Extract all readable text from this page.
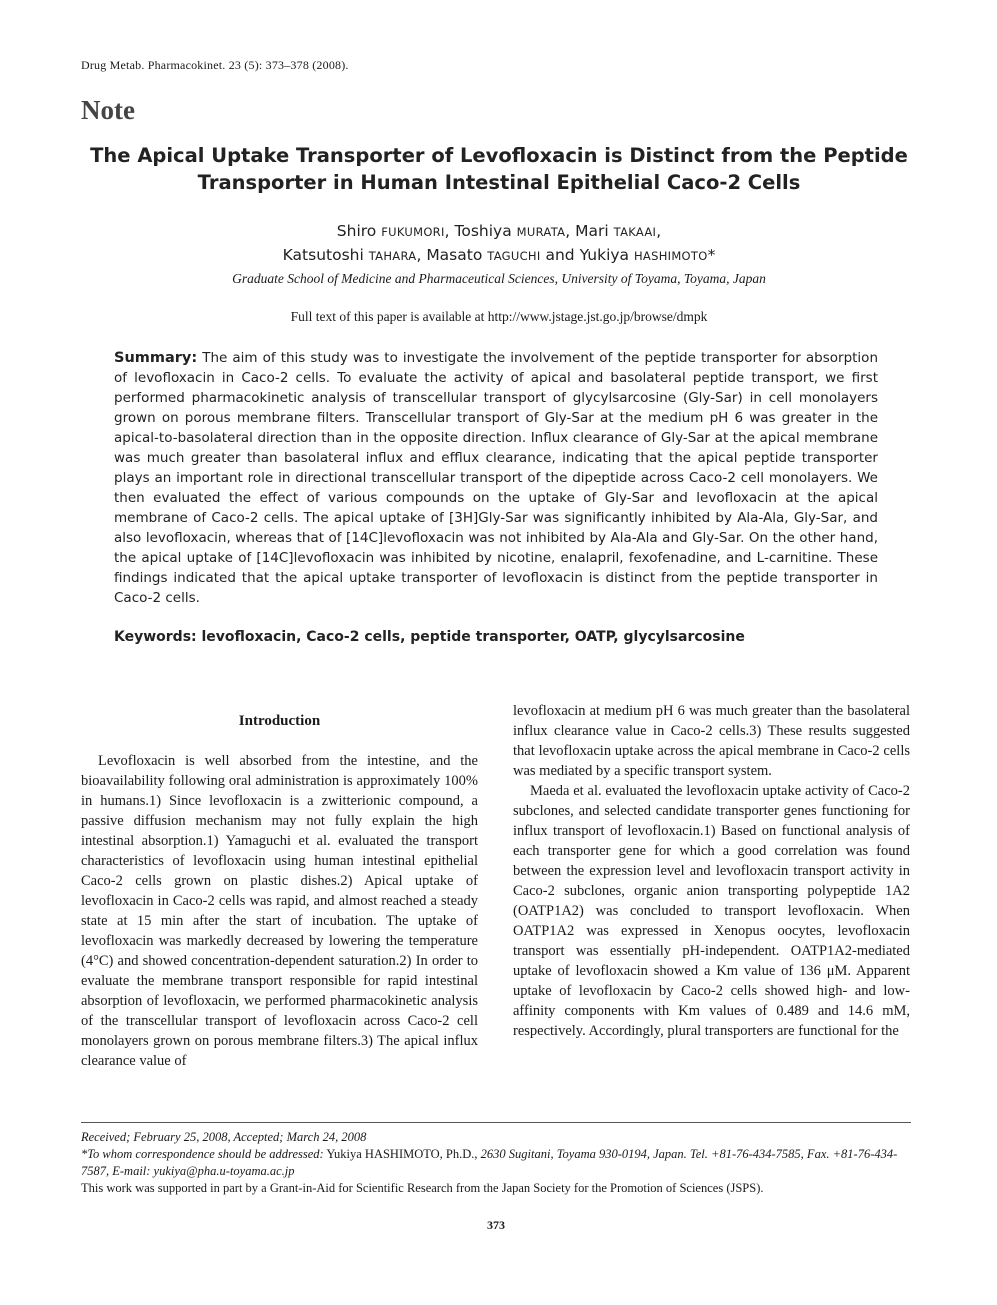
Drug Metab. Pharmacokinet. 23 (5): 373–378 (2008).
Note
The Apical Uptake Transporter of Levofloxacin is Distinct from the Peptide Transporter in Human Intestinal Epithelial Caco-2 Cells
Shiro FUKUMORI, Toshiya MURATA, Mari TAKAAI,
Katsutoshi TAHARA, Masato TAGUCHI and Yukiya HASHIMOTO*
Graduate School of Medicine and Pharmaceutical Sciences, University of Toyama, Toyama, Japan
Full text of this paper is available at http://www.jstage.jst.go.jp/browse/dmpk
Summary: The aim of this study was to investigate the involvement of the peptide transporter for absorption of levofloxacin in Caco-2 cells. To evaluate the activity of apical and basolateral peptide transport, we first performed pharmacokinetic analysis of transcellular transport of glycylsarcosine (Gly-Sar) in cell monolayers grown on porous membrane filters. Transcellular transport of Gly-Sar at the medium pH 6 was greater in the apical-to-basolateral direction than in the opposite direction. Influx clearance of Gly-Sar at the apical membrane was much greater than basolateral influx and efflux clearance, indicating that the apical peptide transporter plays an important role in directional transcellular transport of the dipeptide across Caco-2 cell monolayers. We then evaluated the effect of various compounds on the uptake of Gly-Sar and levofloxacin at the apical membrane of Caco-2 cells. The apical uptake of [3H]Gly-Sar was significantly inhibited by Ala-Ala, Gly-Sar, and also levofloxacin, whereas that of [14C]levofloxacin was not inhibited by Ala-Ala and Gly-Sar. On the other hand, the apical uptake of [14C]levofloxacin was inhibited by nicotine, enalapril, fexofenadine, and L-carnitine. These findings indicated that the apical uptake transporter of levofloxacin is distinct from the peptide transporter in Caco-2 cells.
Keywords: levofloxacin, Caco-2 cells, peptide transporter, OATP, glycylsarcosine

Introduction

Levofloxacin is well absorbed from the intestine, and the bioavailability following oral administration is approximately 100% in humans.1) Since levofloxacin is a zwitterionic compound, a passive diffusion mechanism may not fully explain the high intestinal absorption.1) Yamaguchi et al. evaluated the transport characteristics of levofloxacin using human intestinal epithelial Caco-2 cells grown on plastic dishes.2) Apical uptake of levofloxacin in Caco-2 cells was rapid, and almost reached a steady state at 15 min after the start of incubation. The uptake of levofloxacin was markedly decreased by lowering the temperature (4°C) and showed concentration-dependent saturation.2) In order to evaluate the membrane transport responsible for rapid intestinal absorption of levofloxacin, we performed pharmacokinetic analysis of the transcellular transport of levofloxacin across Caco-2 cell monolayers grown on porous membrane filters.3) The apical influx clearance value of

levofloxacin at medium pH 6 was much greater than the basolateral influx clearance value in Caco-2 cells.3) These results suggested that levofloxacin uptake across the apical membrane in Caco-2 cells was mediated by a specific transport system.

Maeda et al. evaluated the levofloxacin uptake activity of Caco-2 subclones, and selected candidate transporter genes functioning for influx transport of levofloxacin.1) Based on functional analysis of each transporter gene for which a good correlation was found between the expression level and levofloxacin transport activity in Caco-2 subclones, organic anion transporting polypeptide 1A2 (OATP1A2) was concluded to transport levofloxacin. When OATP1A2 was expressed in Xenopus oocytes, levofloxacin transport was essentially pH-independent. OATP1A2-mediated uptake of levofloxacin showed a Km value of 136 μM. Apparent uptake of levofloxacin by Caco-2 cells showed high- and low-affinity components with Km values of 0.489 and 14.6 mM, respectively. Accordingly, plural transporters are functional for the

Received; February 25, 2008, Accepted; March 24, 2008
*To whom correspondence should be addressed: Yukiya HASHIMOTO, Ph.D., 2630 Sugitani, Toyama 930-0194, Japan. Tel. +81-76-434-7585, Fax. +81-76-434-7587, E-mail: yukiya@pha.u-toyama.ac.jp
This work was supported in part by a Grant-in-Aid for Scientific Research from the Japan Society for the Promotion of Sciences (JSPS).
373
